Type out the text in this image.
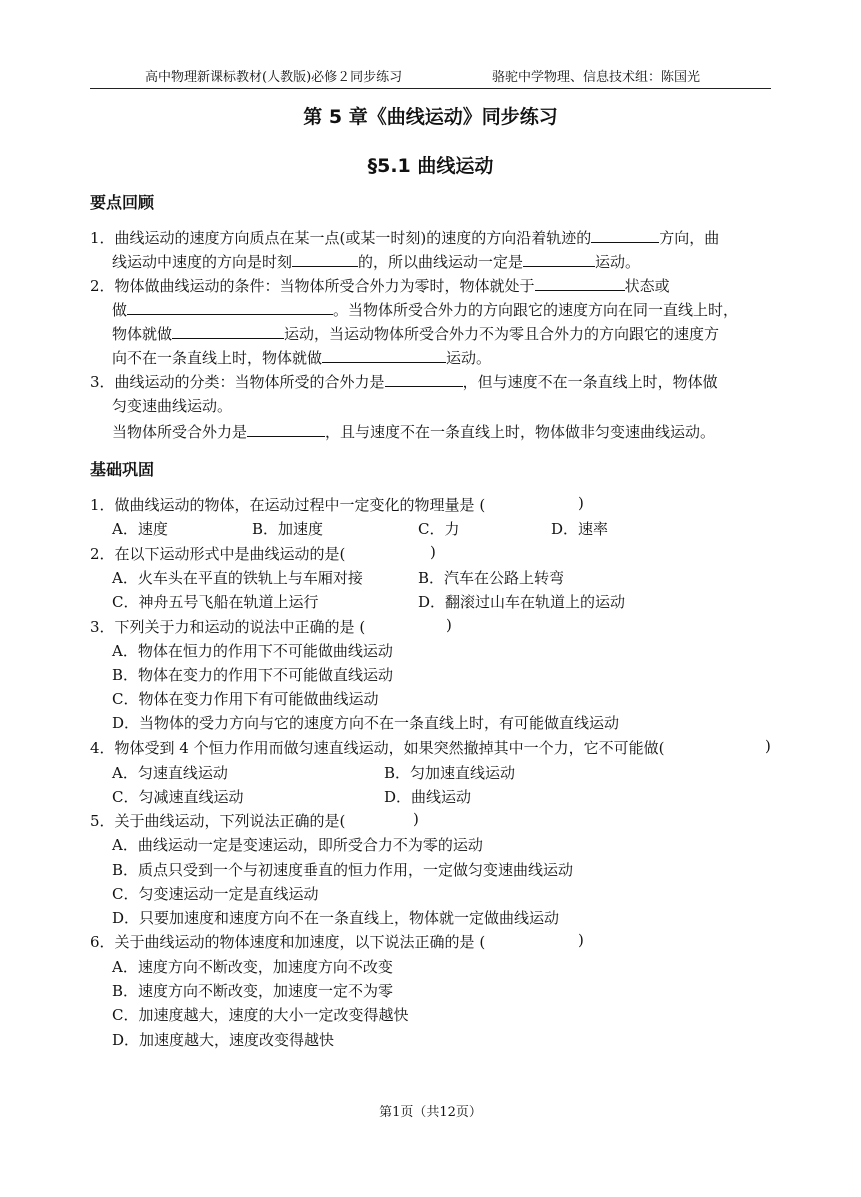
高中物理新课标教材(人教版)必修２同步练习	骆驼中学物理、信息技术组：陈国光
第 5 章《曲线运动》同步练习
§5.1 曲线运动
要点回顾
1．曲线运动的速度方向质点在某一点(或某一时刻)的速度的方向沿着轨迹的	方向，曲
线运动中速度的方向是时刻	的，所以曲线运动一定是	运动。
2．物体做曲线运动的条件：当物体所受合外力为零时，物体就处于	状态或
做	。当物体所受合外力的方向跟它的速度方向在同一直线上时，
物体就做	运动，当运动物体所受合外力不为零且合外力的方向跟它的速度方
向不在一条直线上时，物体就做	运动。
3．曲线运动的分类：当物体所受的合外力是	，但与速度不在一条直线上时，物体做
匀变速曲线运动。
当物体所受合外力是	，且与速度不在一条直线上时，物体做非匀变速曲线运动。
基础巩固
1．做曲线运动的物体，在运动过程中一定变化的物理量是 (	)
A．速度	B．加速度	C．力	D．速率
2．在以下运动形式中是曲线运动的是(	)
A．火车头在平直的铁轨上与车厢对接	B．汽车在公路上转弯
C．神舟五号飞船在轨道上运行	D．翻滚过山车在轨道上的运动
3．下列关于力和运动的说法中正确的是 (	)
A．物体在恒力的作用下不可能做曲线运动
B．物体在变力的作用下不可能做直线运动
C．物体在变力作用下有可能做曲线运动
D．当物体的受力方向与它的速度方向不在一条直线上时，有可能做直线运动
4．物体受到 4 个恒力作用而做匀速直线运动，如果突然撤掉其中一个力，它不可能做(	)
A．匀速直线运动	B．匀加速直线运动
C．匀减速直线运动	D．曲线运动
5．关于曲线运动，下列说法正确的是(	)
A．曲线运动一定是变速运动，即所受合力不为零的运动
B．质点只受到一个与初速度垂直的恒力作用，一定做匀变速曲线运动
C．匀变速运动一定是直线运动
D．只要加速度和速度方向不在一条直线上，物体就一定做曲线运动
6．关于曲线运动的物体速度和加速度，以下说法正确的是 (	)
A．速度方向不断改变，加速度方向不改变
B．速度方向不断改变，加速度一定不为零
C．加速度越大，速度的大小一定改变得越快
D．加速度越大，速度改变得越快
第1页（共12页）
